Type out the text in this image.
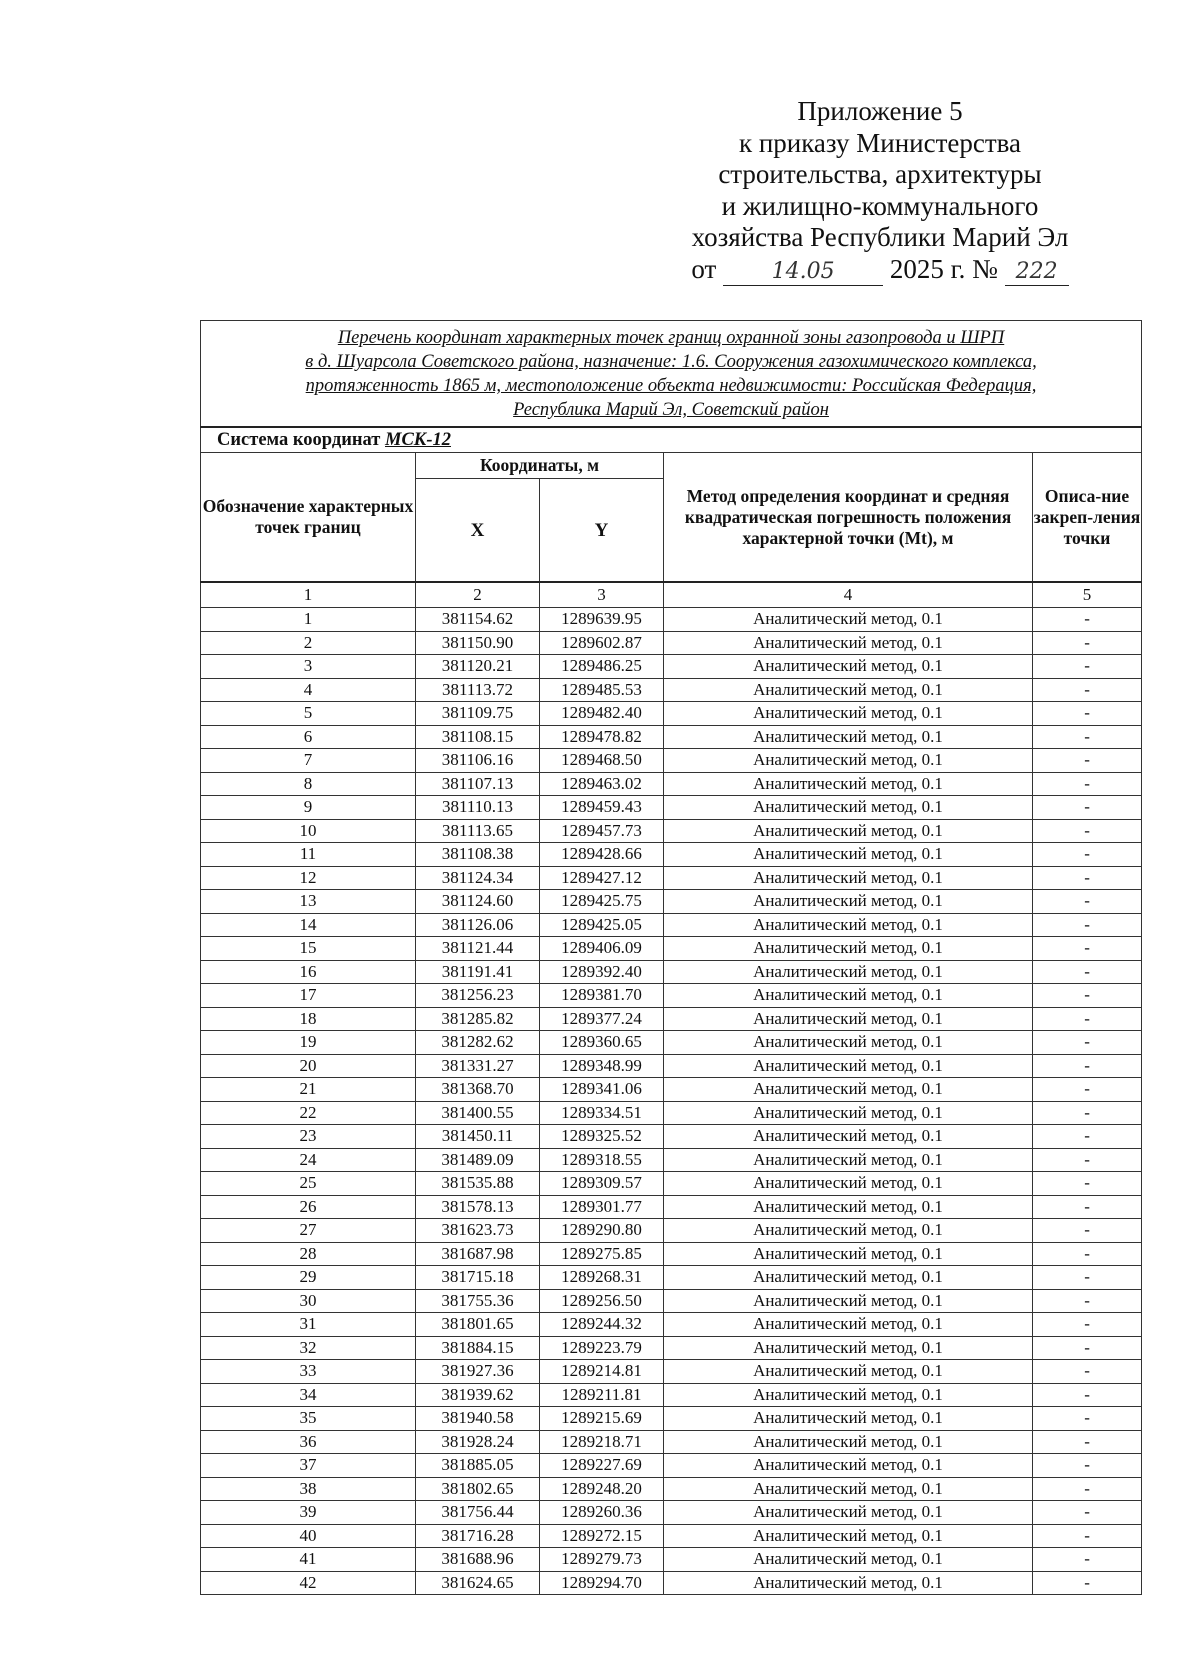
Приложение 5
к приказу Министерства
строительства, архитектуры
и жилищно-коммунального
хозяйства Республики Марий Эл
от	14.05 2025 г. № 222
Перечень координат характерных точек границ охранной зоны газопровода и ШРП
в д. Шуарсола Советского района, назначение: 1.6. Сооружения газохимического комплекса,
протяженность 1865 м, местоположение объекта недвижимости: Российская Федерация,
Республика Марий Эл, Советский район				

Система координат МСК-12				
Обозначение характерных точек границ	Координаты, м		Метод определения координат и средняя квадратическая погрешность положения характерной точки (Mt), м	Описа-ние закреп-ления точки
	X	Y		
1	2	3	4	5
1	381154.62	1289639.95	Аналитический метод, 0.1	-
2	381150.90	1289602.87	Аналитический метод, 0.1	-
3	381120.21	1289486.25	Аналитический метод, 0.1	-
4	381113.72	1289485.53	Аналитический метод, 0.1	-
5	381109.75	1289482.40	Аналитический метод, 0.1	-
6	381108.15	1289478.82	Аналитический метод, 0.1	-
7	381106.16	1289468.50	Аналитический метод, 0.1	-
8	381107.13	1289463.02	Аналитический метод, 0.1	-
9	381110.13	1289459.43	Аналитический метод, 0.1	-
10	381113.65	1289457.73	Аналитический метод, 0.1	-
11	381108.38	1289428.66	Аналитический метод, 0.1	-
12	381124.34	1289427.12	Аналитический метод, 0.1	-
13	381124.60	1289425.75	Аналитический метод, 0.1	-
14	381126.06	1289425.05	Аналитический метод, 0.1	-
15	381121.44	1289406.09	Аналитический метод, 0.1	-
16	381191.41	1289392.40	Аналитический метод, 0.1	-
17	381256.23	1289381.70	Аналитический метод, 0.1	-
18	381285.82	1289377.24	Аналитический метод, 0.1	-
19	381282.62	1289360.65	Аналитический метод, 0.1	-
20	381331.27	1289348.99	Аналитический метод, 0.1	-
21	381368.70	1289341.06	Аналитический метод, 0.1	-
22	381400.55	1289334.51	Аналитический метод, 0.1	-
23	381450.11	1289325.52	Аналитический метод, 0.1	-
24	381489.09	1289318.55	Аналитический метод, 0.1	-
25	381535.88	1289309.57	Аналитический метод, 0.1	-
26	381578.13	1289301.77	Аналитический метод, 0.1	-
27	381623.73	1289290.80	Аналитический метод, 0.1	-
28	381687.98	1289275.85	Аналитический метод, 0.1	-
29	381715.18	1289268.31	Аналитический метод, 0.1	-
30	381755.36	1289256.50	Аналитический метод, 0.1	-
31	381801.65	1289244.32	Аналитический метод, 0.1	-
32	381884.15	1289223.79	Аналитический метод, 0.1	-
33	381927.36	1289214.81	Аналитический метод, 0.1	-
34	381939.62	1289211.81	Аналитический метод, 0.1	-
35	381940.58	1289215.69	Аналитический метод, 0.1	-
36	381928.24	1289218.71	Аналитический метод, 0.1	-
37	381885.05	1289227.69	Аналитический метод, 0.1	-
38	381802.65	1289248.20	Аналитический метод, 0.1	-
39	381756.44	1289260.36	Аналитический метод, 0.1	-
40	381716.28	1289272.15	Аналитический метод, 0.1	-
41	381688.96	1289279.73	Аналитический метод, 0.1	-
42	381624.65	1289294.70	Аналитический метод, 0.1	-
